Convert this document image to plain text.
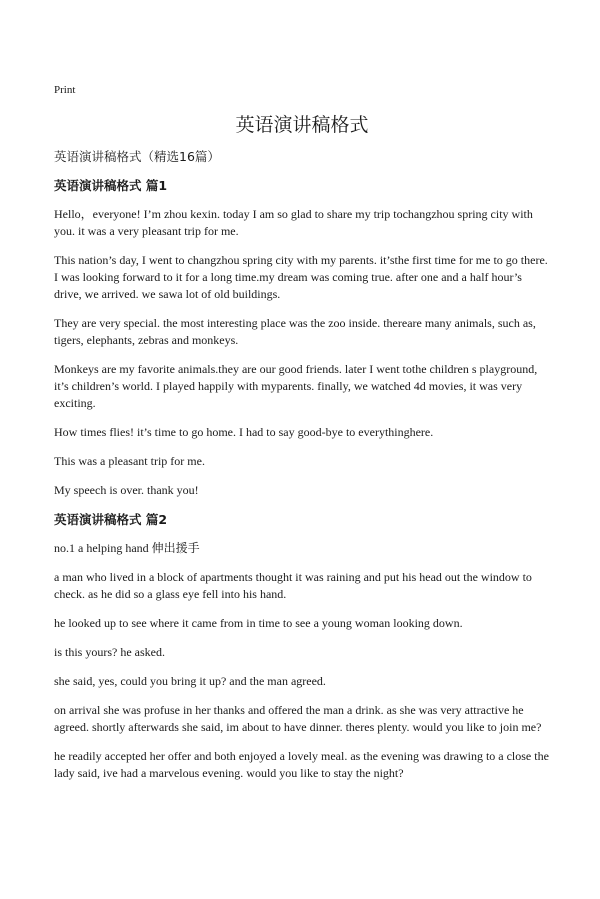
Print
英语演讲稿格式
英语演讲稿格式（精选16篇）
英语演讲稿格式 篇1

Hello，everyone! I’m zhou kexin. today I am so glad to share my trip tochangzhou spring city with you. it was a very pleasant trip for me.

This nation’s day, I went to changzhou spring city with my parents. it’sthe first time for me to go there. I was looking forward to it for a long time.my dream was coming true. after one and a half hour’s drive, we arrived. we sawa lot of old buildings.

They are very special. the most interesting place was the zoo inside. thereare many animals, such as, tigers, elephants, zebras and monkeys.

Monkeys are my favorite animals.they are our good friends. later I went tothe children s playground, it’s children’s world. I played happily with myparents. finally, we watched 4d movies, it was very exciting.

How times flies! it’s time to go home. I had to say good-bye to everythinghere.

This was a pleasant trip for me.

My speech is over. thank you!

英语演讲稿格式 篇2

no.1 a helping hand 伸出援手

a man who lived in a block of apartments thought it was raining and put his head out the window to check. as he did so a glass eye fell into his hand.

he looked up to see where it came from in time to see a young woman looking down.

is this yours? he asked.

she said, yes, could you bring it up? and the man agreed.

on arrival she was profuse in her thanks and offered the man a drink. as she was very attractive he agreed. shortly afterwards she said, im about to have dinner. theres plenty. would you like to join me?

he readily accepted her offer and both enjoyed a lovely meal. as the evening was drawing to a close the lady said, ive had a marvelous evening. would you like to stay the night?
